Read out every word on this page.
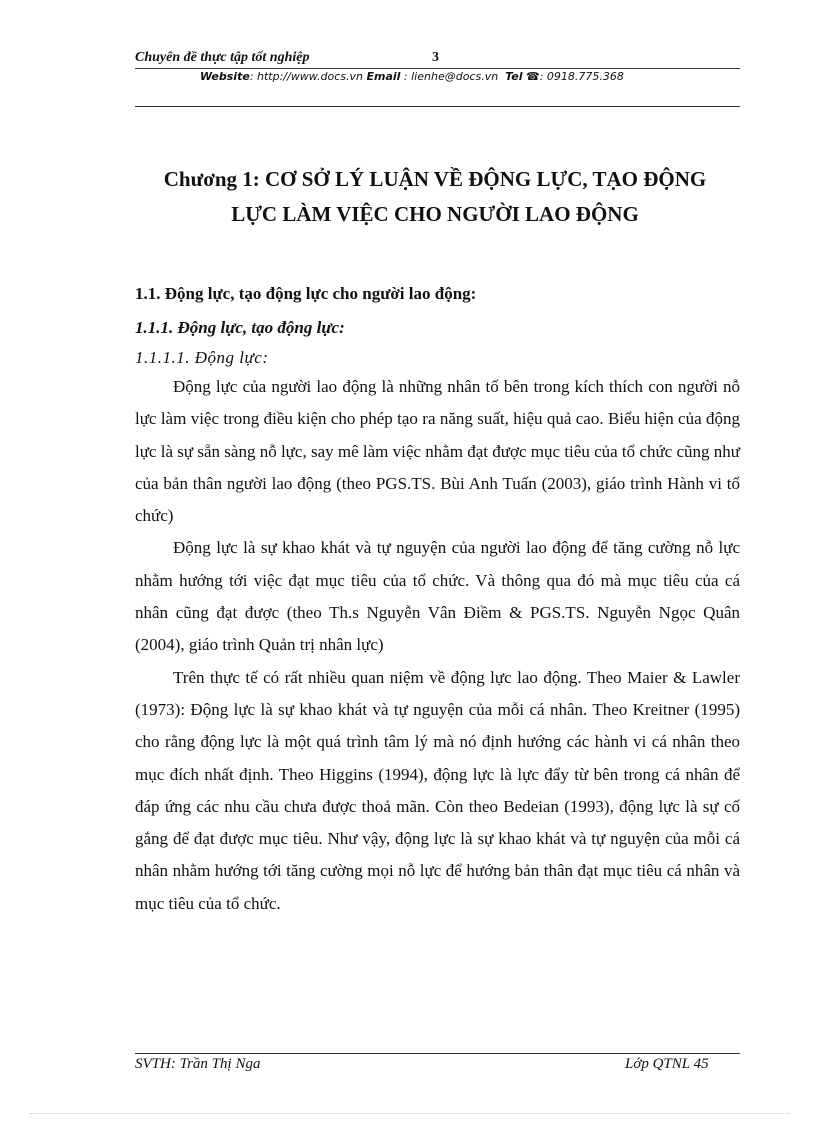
Chuyên đề thực tập tốt nghiệp	3
Website: http://www.docs.vn Email : lienhe@docs.vn Tel ☎: 0918.775.368
Chương 1: CƠ SỞ LÝ LUẬN VỀ ĐỘNG LỰC, TẠO ĐỘNG
LỰC LÀM VIỆC CHO NGƯỜI LAO ĐỘNG
1.1. Động lực, tạo động lực cho người lao động:
1.1.1. Động lực, tạo động lực:
1.1.1.1. Động lực:

Động lực của người lao động là những nhân tố bên trong kích thích con người nỗ lực làm việc trong điều kiện cho phép tạo ra năng suất, hiệu quả cao. Biểu hiện của động lực là sự sẵn sàng nỗ lực, say mê làm việc nhằm đạt được mục tiêu của tổ chức cũng như của bản thân người lao động (theo PGS.TS. Bùi Anh Tuấn (2003), giáo trình Hành vi tổ chức)

Động lực là sự khao khát và tự nguyện của người lao động để tăng cường nỗ lực nhằm hướng tới việc đạt mục tiêu của tổ chức. Và thông qua đó mà mục tiêu của cá nhân cũng đạt được (theo Th.s Nguyễn Vân Điềm & PGS.TS. Nguyễn Ngọc Quân (2004), giáo trình Quản trị nhân lực)

Trên thực tế có rất nhiều quan niệm về động lực lao động. Theo Maier & Lawler (1973): Động lực là sự khao khát và tự nguyện của mỗi cá nhân. Theo Kreitner (1995) cho rằng động lực là một quá trình tâm lý mà nó định hướng các hành vi cá nhân theo mục đích nhất định. Theo Higgins (1994), động lực là lực đẩy từ bên trong cá nhân để đáp ứng các nhu cầu chưa được thoả mãn. Còn theo Bedeian (1993), động lực là sự cố gắng để đạt được mục tiêu. Như vậy, động lực là sự khao khát và tự nguyện của mỗi cá nhân nhằm hướng tới tăng cường mọi nỗ lực để hướng bản thân đạt mục tiêu cá nhân và mục tiêu của tổ chức.

SVTH: Trần Thị Nga	Lớp QTNL 45
